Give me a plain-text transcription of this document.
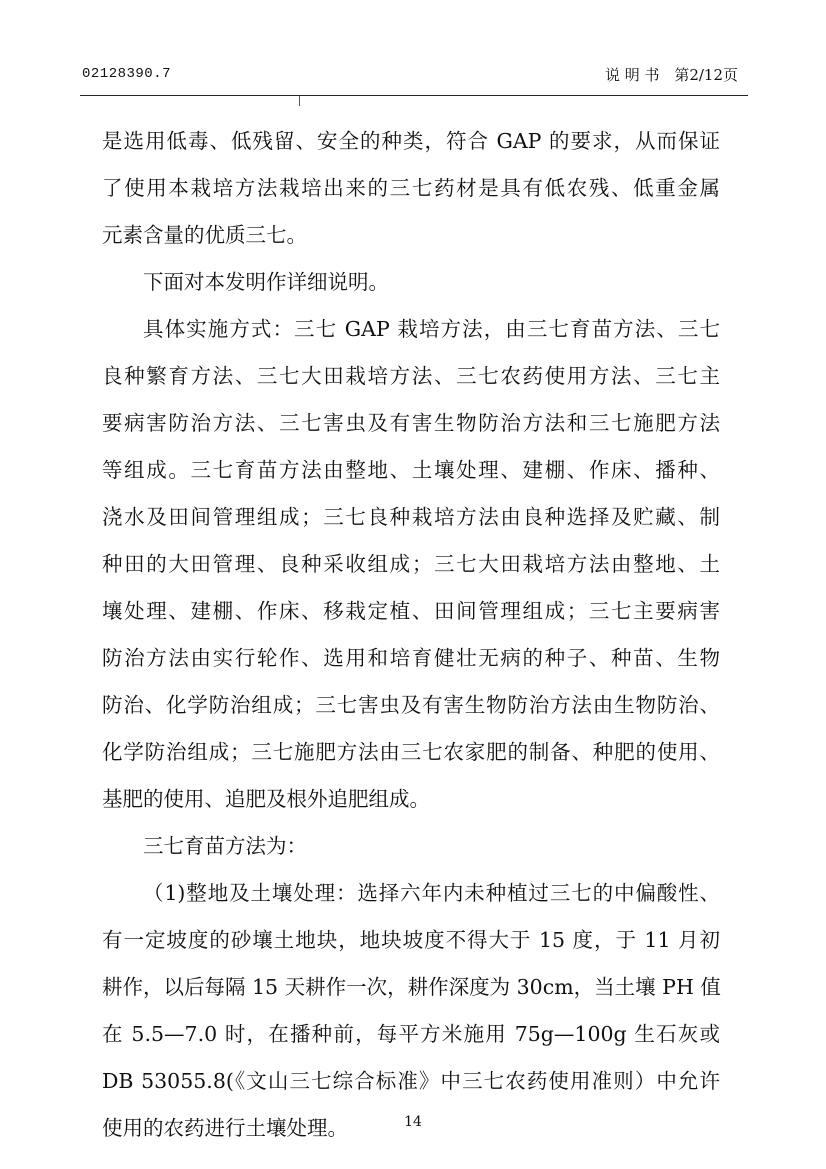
02128390.7	说 明 书 第2/12页
是选用低毒、低残留、安全的种类，符合 GAP 的要求，从而保证
了使用本栽培方法栽培出来的三七药材是具有低农残、低重金属
元素含量的优质三七。
下面对本发明作详细说明。
具体实施方式：三七 GAP 栽培方法，由三七育苗方法、三七
良种繁育方法、三七大田栽培方法、三七农药使用方法、三七主
要病害防治方法、三七害虫及有害生物防治方法和三七施肥方法
等组成。三七育苗方法由整地、土壤处理、建棚、作床、播种、
浇水及田间管理组成；三七良种栽培方法由良种选择及贮藏、制
种田的大田管理、良种采收组成；三七大田栽培方法由整地、土
壤处理、建棚、作床、移栽定植、田间管理组成；三七主要病害
防治方法由实行轮作、选用和培育健壮无病的种子、种苗、生物
防治、化学防治组成；三七害虫及有害生物防治方法由生物防治、
化学防治组成；三七施肥方法由三七农家肥的制备、种肥的使用、
基肥的使用、追肥及根外追肥组成。
三七育苗方法为：
（1)整地及土壤处理：选择六年内未种植过三七的中偏酸性、
有一定坡度的砂壤土地块，地块坡度不得大于 15 度，于 11 月初
耕作，以后每隔 15 天耕作一次，耕作深度为 30cm，当土壤 PH 值
在 5.5—7.0 时，在播种前，每平方米施用 75g—100g 生石灰或
DB 53055.8(《文山三七综合标准》中三七农药使用准则）中允许
使用的农药进行土壤处理。	14
